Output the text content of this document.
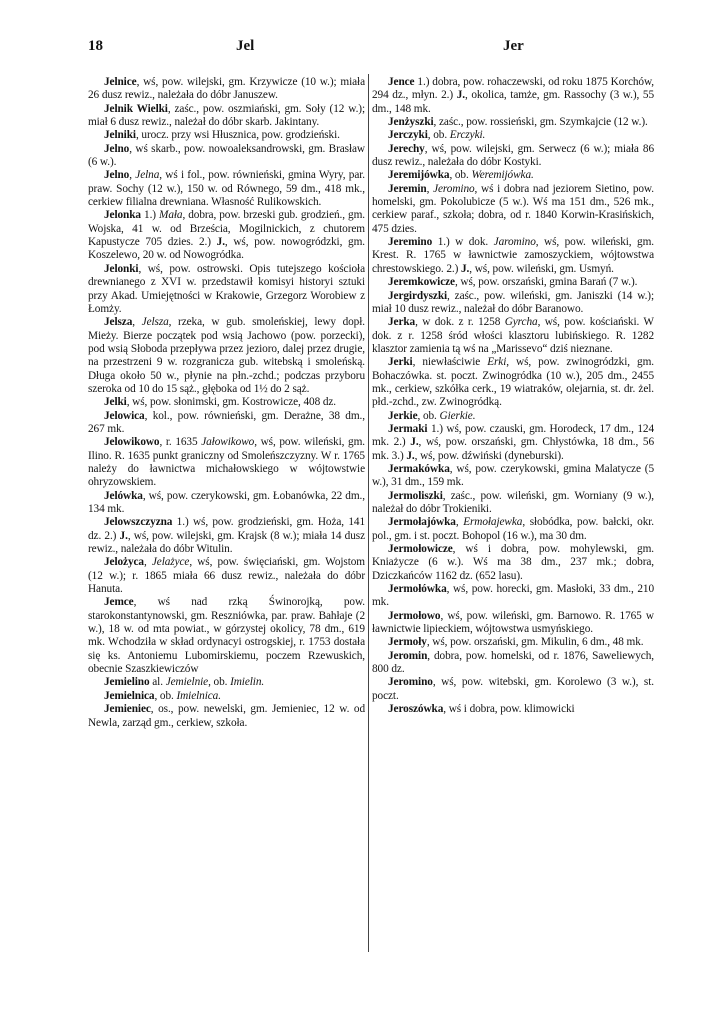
18	Jel	Jer

Jelnice, wś, pow. wilejski, gm. Krzywicze (10 w.); miała 26 dusz rewiz., należała do dóbr Januszew.

Jelnik Wielki, zaśc., pow. oszmiański, gm. Soły (12 w.); miał 6 dusz rewiz., należał do dóbr skarb. Jakintany.

Jelniki, urocz. przy wsi Hłusznica, pow. grodzieński.

Jelno, wś skarb., pow. nowoaleksandrowski, gm. Brasław (6 w.).

Jelno, Jelna, wś i fol., pow. równieński, gmina Wyry, par. praw. Sochy (12 w.), 150 w. od Równego, 59 dm., 418 mk., cerkiew filialna drewniana. Własność Rulikowskich.

Jelonka 1.) Mała, dobra, pow. brzeski gub. grodzień., gm. Wojska, 41 w. od Brześcia, Mogilnickich, z chutorem Kapustycze 705 dzies. 2.) J., wś, pow. nowogródzki, gm. Koszelewo, 20 w. od Nowogródka.

Jelonki, wś, pow. ostrowski. Opis tutejszego kościoła drewnianego z XVI w. przedstawił komisyi historyi sztuki przy Akad. Umiejętności w Krakowie, Grzegorz Worobiew z Łomży.

Jelsza, Jelsza, rzeka, w gub. smoleńskiej, lewy dopł. Mieży. Bierze początek pod wsią Jachowo (pow. porzecki), pod wsią Słoboda przepływa przez jezioro, dalej przez drugie, na przestrzeni 9 w. rozgranicza gub. witebską i smoleńską. Długa około 50 w., płynie na płn.-zchd.; podczas przyboru szeroka od 10 do 15 sąż., głęboka od 1½ do 2 sąż.

Jelki, wś, pow. słonimski, gm. Kostrowicze, 408 dz.

Jelowica, kol., pow. równieński, gm. Derażne, 38 dm., 267 mk.

Jelowikowo, r. 1635 Jałowikowo, wś, pow. wileński, gm. Ilino. R. 1635 punkt graniczny od Smoleńszczyzny. W r. 1765 należy do ławnictwa michałowskiego w wójtowstwie ohryzowskiem.

Jelówka, wś, pow. czerykowski, gm. Łobanówka, 22 dm., 134 mk.

Jelowszczyzna 1.) wś, pow. grodzieński, gm. Hoża, 141 dz. 2.) J., wś, pow. wilejski, gm. Krajsk (8 w.); miała 14 dusz rewiz., należała do dóbr Witulin.

Jelożyca, Jelażyce, wś, pow. święciański, gm. Wojstom (12 w.); r. 1865 miała 66 dusz rewiz., należała do dóbr Hanuta.

Jemce, wś nad rzką Świnorojką, pow. starokonstantynowski, gm. Reszniówka, par. praw. Bahłaje (2 w.), 18 w. od mta powiat., w górzystej okolicy, 78 dm., 619 mk. Wchodziła w skład ordynacyi ostrogskiej, r. 1753 dostała się ks. Antoniemu Lubomirskiemu, poczem Rzewuskich, obecnie Szaszkiewiczów

Jemielino al. Jemielnie, ob. Imielin.

Jemielnica, ob. Imielnica.

Jemieniec, os., pow. newelski, gm. Jemieniec, 12 w. od Newla, zarząd gm., cerkiew, szkoła.

Jence 1.) dobra, pow. rohaczewski, od roku 1875 Korchów, 294 dz., młyn. 2.) J., okolica, tamże, gm. Rassochy (3 w.), 55 dm., 148 mk.

Jenżyszki, zaśc., pow. rossieński, gm. Szymkajcie (12 w.).

Jerczyki, ob. Erczyki.

Jerechy, wś, pow. wilejski, gm. Serwecz (6 w.); miała 86 dusz rewiz., należała do dóbr Kostyki.

Jeremijówka, ob. Weremijówka.

Jeremin, Jeromino, wś i dobra nad jeziorem Sietino, pow. homelski, gm. Pokolubicze (5 w.). Wś ma 151 dm., 526 mk., cerkiew paraf., szkoła; dobra, od r. 1840 Korwin-Krasińskich, 475 dzies.

Jeremino 1.) w dok. Jaromino, wś, pow. wileński, gm. Krest. R. 1765 w ławnictwie zamoszyckiem, wójtowstwa chrestowskiego. 2.) J., wś, pow. wileński, gm. Usmyń.

Jeremkowicze, wś, pow. orszański, gmina Barań (7 w.).

Jergirdyszki, zaśc., pow. wileński, gm. Janiszki (14 w.); miał 10 dusz rewiz., należał do dóbr Baranowo.

Jerka, w dok. z r. 1258 Gyrcha, wś, pow. kościański. W dok. z r. 1258 śród włości klasztoru lubińskiego. R. 1282 klasztor zamienia tą wś na „Marissevo“ dziś nieznane.

Jerki, niewłaściwie Erki, wś, pow. zwinogródzki, gm. Bohaczówka. st. poczt. Zwinogródka (10 w.), 205 dm., 2455 mk., cerkiew, szkółka cerk., 19 wiatraków, olejarnia, st. dr. żel. płd.-zchd., zw. Zwinogródką.

Jerkie, ob. Gierkie.

Jermaki 1.) wś, pow. czauski, gm. Horodeck, 17 dm., 124 mk. 2.) J., wś, pow. orszański, gm. Chłystówka, 18 dm., 56 mk. 3.) J., wś, pow. dźwiński (dyneburski).

Jermakówka, wś, pow. czerykowski, gmina Malatycze (5 w.), 31 dm., 159 mk.

Jermoliszki, zaśc., pow. wileński, gm. Worniany (9 w.), należał do dóbr Trokieniki.

Jermołajówka, Ermołajewka, słobódka, pow. bałcki, okr. pol., gm. i st. poczt. Bohopol (16 w.), ma 30 dm.

Jermołowicze, wś i dobra, pow. mohylewski, gm. Kniażycze (6 w.). Wś ma 38 dm., 237 mk.; dobra, Dziczkańców 1162 dz. (652 lasu).

Jermołówka, wś, pow. horecki, gm. Masłoki, 33 dm., 210 mk.

Jermołowo, wś, pow. wileński, gm. Barnowo. R. 1765 w ławnictwie lipieckiem, wójtowstwa usmyńskiego.

Jermoły, wś, pow. orszański, gm. Mikulin, 6 dm., 48 mk.

Jeromin, dobra, pow. homelski, od r. 1876, Saweliewych, 800 dz.

Jeromino, wś, pow. witebski, gm. Korolewo (3 w.), st. poczt.

Jeroszówka, wś i dobra, pow. klimowicki
